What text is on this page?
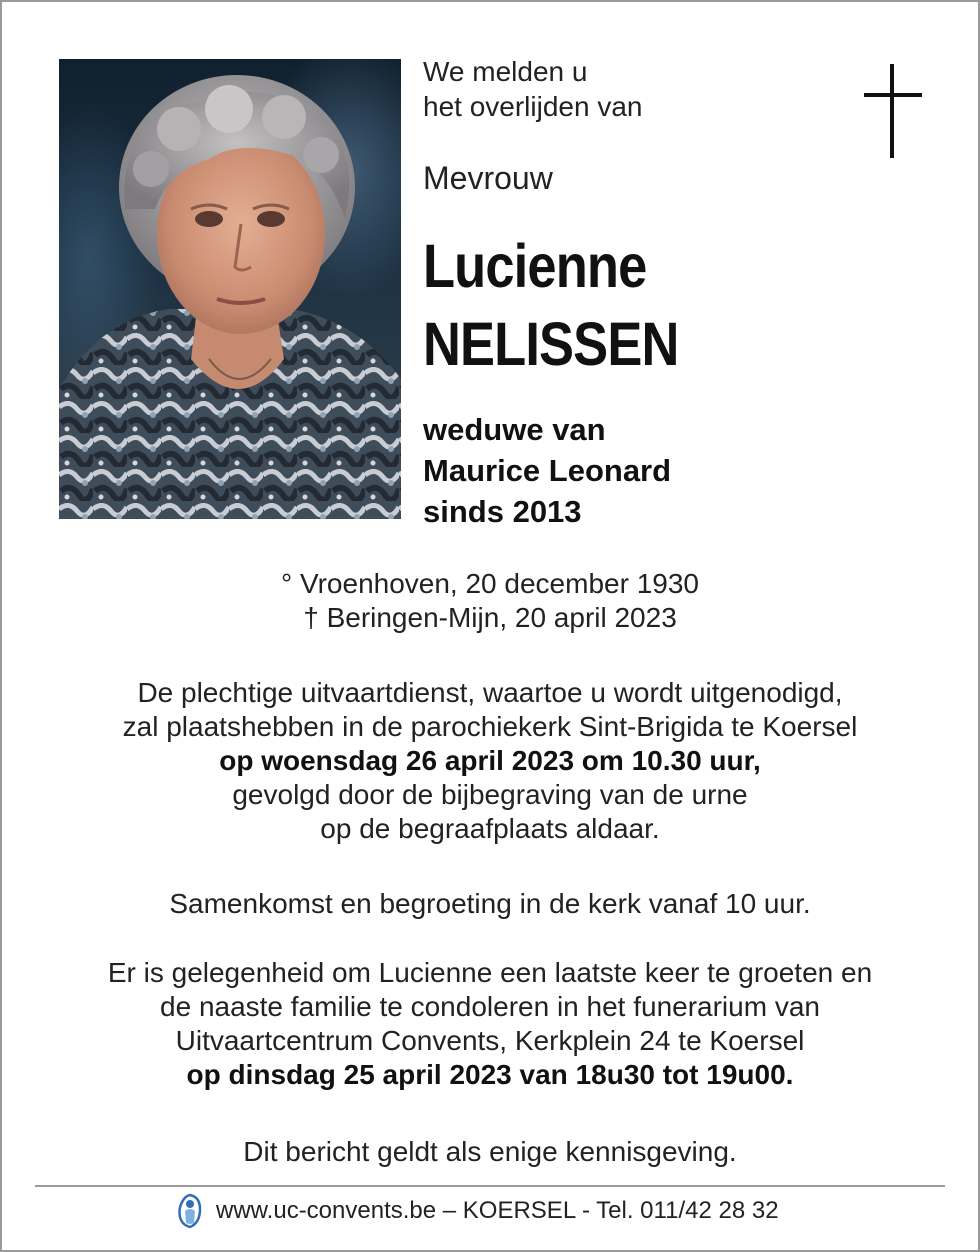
We melden u
het overlijden van
Mevrouw
Lucienne
NELISSEN
weduwe van
Maurice Leonard
sinds 2013
° Vroenhoven, 20 december 1930
† Beringen-Mijn, 20 april 2023
De plechtige uitvaartdienst, waartoe u wordt uitgenodigd,
zal plaatshebben in de parochiekerk Sint-Brigida te Koersel
op woensdag 26 april 2023 om 10.30 uur,
gevolgd door de bijbegraving van de urne
op de begraafplaats aldaar.
Samenkomst en begroeting in de kerk vanaf 10 uur.
Er is gelegenheid om Lucienne een laatste keer te groeten en
de naaste familie te condoleren in het funerarium van
Uitvaartcentrum Convents, Kerkplein 24 te Koersel
op dinsdag 25 april 2023 van 18u30 tot 19u00.
Dit bericht geldt als enige kennisgeving.
www.uc-convents.be – KOERSEL - Tel. 011/42 28 32
